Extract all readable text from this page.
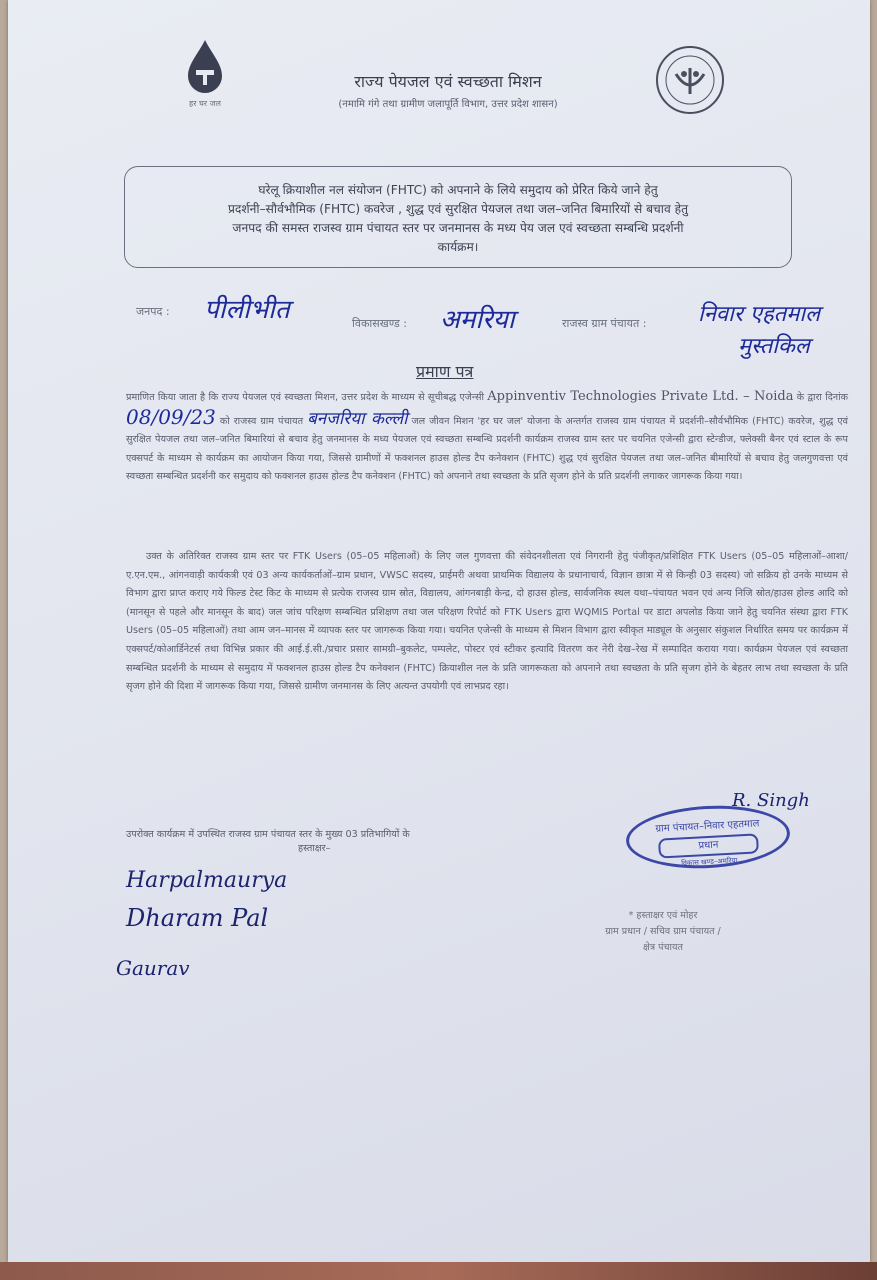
हर घर जल
राज्य पेयजल एवं स्वच्छता मिशन
(नमामि गंगे तथा ग्रामीण जलापूर्ति विभाग, उत्तर प्रदेश शासन)
घरेलू क्रियाशील नल संयोजन (FHTC) को अपनाने के लिये समुदाय को प्रेरित किये जाने हेतु
प्रदर्शनी–सौर्वभौमिक (FHTC) कवरेज , शुद्ध एवं सुरक्षित पेयजल तथा जल–जनित बिमारियों से बचाव हेतु
जनपद की समस्त राजस्व ग्राम पंचायत स्तर पर जनमानस के मध्य पेय जल एवं स्वच्छता सम्बन्धि प्रदर्शनी
कार्यक्रम।
जनपद : पीलीभीत	विकासखण्ड : अमरिया	राजस्व ग्राम पंचायत : निवार एहतमाल
मुस्तकिल
प्रमाण पत्र
प्रमाणित किया जाता है कि राज्य पेयजल एवं स्वच्छता मिशन, उत्तर प्रदेश के माध्यम से सूचीबद्ध एजेन्सी Appinventiv Technologies Private Ltd. – Noida के द्वारा दिनांक 08/09/23 को राजस्व ग्राम पंचायत बनजरिया कल्ली जल जीवन मिशन 'हर घर जल' योजना के अन्तर्गत राजस्व ग्राम पंचायत में प्रदर्शनी–सौर्वभौमिक (FHTC) कवरेज, शुद्ध एवं सुरक्षित पेयजल तथा जल–जनित बिमारियां से बचाव हेतु जनमानस के मध्य पेयजल एवं स्वच्छता सम्बन्धि प्रदर्शनी कार्यक्रम राजस्व ग्राम स्तर पर चयनित एजेन्सी द्वारा स्टेन्डीज, फ्लेक्सी बैनर एवं स्टाल के रूप एक्सपर्ट के माध्यम से कार्यक्रम का आयोजन किया गया, जिससे ग्रामीणों में फक्शनल हाउस होल्ड टैप कनेक्शन (FHTC) शुद्ध एवं सुरक्षित पेयजल तथा जल–जनित बीमारियों से बचाव हेतु जलगुणवत्ता एवं स्वच्छता सम्बन्धित प्रदर्शनी कर समुदाय को फक्शनल हाउस होल्ड टैप कनेक्शन (FHTC) को अपनाने तथा स्वच्छता के प्रति सृजग होने के प्रति प्रदर्शनी लगाकर जागरूक किया गया।
उक्त के अतिरिक्त राजस्व ग्राम स्तर पर FTK Users (05–05 महिलाओं) के लिए जल गुणवत्ता की संवेदनशीलता एवं निगरानी हेतु पंजीकृत/प्रशिक्षित FTK Users (05–05 महिलाओं–आशा/ए.एन.एम., आंगनवाड़ी कार्यकत्री एवं 03 अन्य कार्यकर्ताओं–ग्राम प्रधान, VWSC सदस्य, प्राईमरी अथवा प्राथमिक विद्यालय के प्रधानाचार्य, विज्ञान छात्रा में से किन्ही 03 सदस्य) जो सक्रिय हो उनके माध्यम से विभाग द्वारा प्राप्त कराए गये फिल्ड टेस्ट किट के माध्यम से प्रत्येक राजस्व ग्राम स्रोत, विद्यालय, आंगनबाड़ी केन्द्र, दो हाउस होल्ड, सार्वजनिक स्थल यथा–पंचायत भवन एवं अन्य निजि स्रोत/हाउस होल्ड आदि को (मानसून से पहले और मानसून के बाद) जल जांच परिक्षण सम्बन्धित प्रशिक्षण तथा जल परिक्षण रिपोर्ट को FTK Users द्वारा WQMIS Portal पर डाटा अपलोड किया जाने हेतु चयनित संस्था द्वारा FTK Users (05–05 महिलाओं) तथा आम जन–मानस में व्यापक स्तर पर जागरूक किया गया। चयनित एजेन्सी के माध्यम से मिशन विभाग द्वारा स्वीकृत माड्यूल के अनुसार संकुशल निर्धारित समय पर कार्यक्रम में एक्सपर्ट/कोआर्डिनेटर्स तथा विभिन्न प्रकार की आई.ई.सी./प्रचार प्रसार सामग्री–बुकलेट, पम्पलेट, पोस्टर एवं स्टीकर इत्यादि वितरण कर नेरी देख–रेख में सम्पादित कराया गया। कार्यक्रम पेयजल एवं स्वच्छता सम्बन्धित प्रदर्शनी के माध्यम से समुदाय में फक्शनल हाउस होल्ड टैप कनेक्शन (FHTC) क्रियाशील नल के प्रति जागरूकता को अपनाने तथा स्वच्छता के प्रति सृजग होने के बेहतर लाभ तथा स्वच्छता के प्रति सृजग होने की दिशा में जागरूक किया गया, जिससे ग्रामीण जनमानस के लिए अत्यन्त उपयोगी एवं लाभप्रद रहा।
उपरोक्त कार्यक्रम में उपस्थित राजस्व ग्राम पंचायत स्तर के मुख्य 03 प्रतिभागियों के
हस्ताक्षर–
Harpalmaurya
Dharam Pal
Gaurav
R. Singh
ग्राम पंचायत–निवार एहतमाल
प्रधान
विकास खण्ड–अमरिया
* हस्ताक्षर एवं मोहर
ग्राम प्रधान / सचिव ग्राम पंचायत /
क्षेत्र पंचायत
